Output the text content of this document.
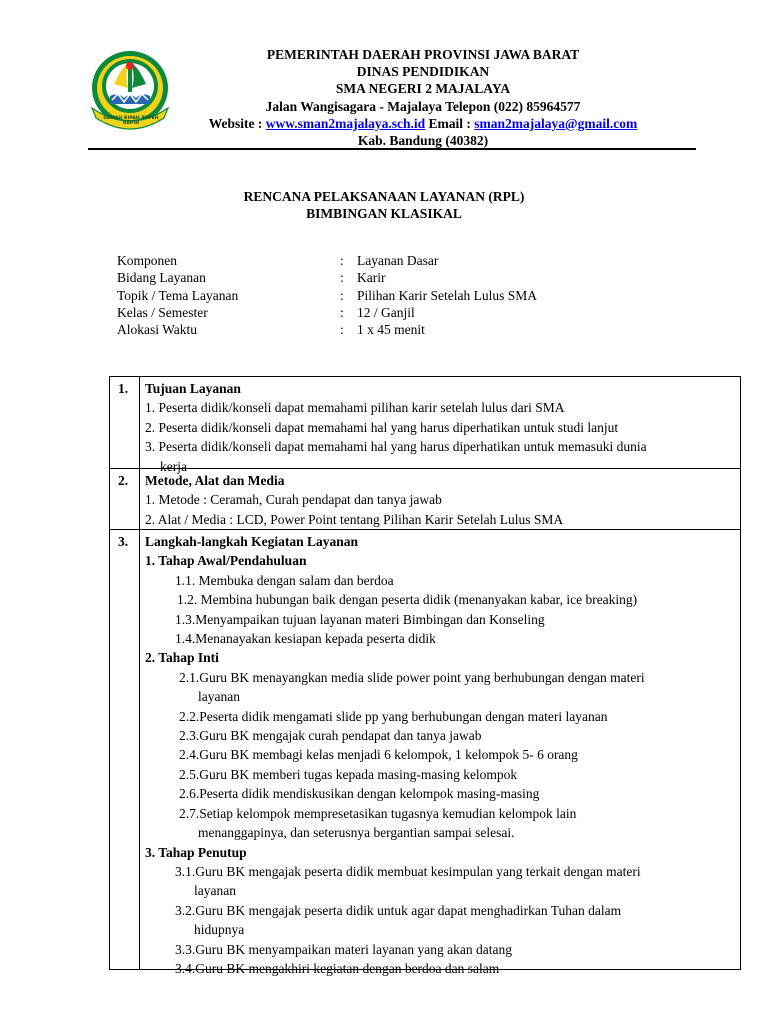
GEMAH RIPAH REPEH RAPIH
PEMERINTAH DAERAH PROVINSI JAWA BARAT
DINAS PENDIDIKAN
SMA NEGERI 2 MAJALAYA
Jalan Wangisagara - Majalaya Telepon (022) 85964577
Website : www.sman2majalaya.sch.id Email : sman2majalaya@gmail.com
Kab. Bandung (40382)
RENCANA PELAKSANAAN LAYANAN (RPL)
BIMBINGAN KLASIKAL
Komponen	: Layanan Dasar
Bidang Layanan	: Karir
Topik / Tema Layanan	: Pilihan Karir Setelah Lulus SMA
Kelas / Semester	: 12 / Ganjil
Alokasi Waktu	: 1 x 45 menit
1. Tujuan Layanan
1. Peserta didik/konseli dapat memahami pilihan karir setelah lulus dari SMA
2. Peserta didik/konseli dapat memahami hal yang harus diperhatikan untuk studi lanjut
3. Peserta didik/konseli dapat memahami hal yang harus diperhatikan untuk memasuki dunia
kerja
2. Metode, Alat dan Media
1. Metode : Ceramah, Curah pendapat dan tanya jawab
2. Alat / Media : LCD, Power Point tentang Pilihan Karir Setelah Lulus SMA
3. Langkah-langkah Kegiatan Layanan
1. Tahap Awal/Pendahuluan
1.1. Membuka dengan salam dan berdoa
1.2. Membina hubungan baik dengan peserta didik (menanyakan kabar, ice breaking)
1.3.Menyampaikan tujuan layanan materi Bimbingan dan Konseling
1.4.Menanayakan kesiapan kepada peserta didik
2. Tahap Inti
2.1.Guru BK menayangkan media slide power point yang berhubungan dengan materi
layanan
2.2.Peserta didik mengamati slide pp yang berhubungan dengan materi layanan
2.3.Guru BK mengajak curah pendapat dan tanya jawab
2.4.Guru BK membagi kelas menjadi 6 kelompok, 1 kelompok 5- 6 orang
2.5.Guru BK memberi tugas kepada masing-masing kelompok
2.6.Peserta didik mendiskusikan dengan kelompok masing-masing
2.7.Setiap kelompok mempresetasikan tugasnya kemudian kelompok lain
menanggapinya, dan seterusnya bergantian sampai selesai.
3. Tahap Penutup
3.1.Guru BK mengajak peserta didik membuat kesimpulan yang terkait dengan materi
layanan
3.2.Guru BK mengajak peserta didik untuk agar dapat menghadirkan Tuhan dalam
hidupnya
3.3.Guru BK menyampaikan materi layanan yang akan datang
3.4.Guru BK mengakhiri kegiatan dengan berdoa dan salam
